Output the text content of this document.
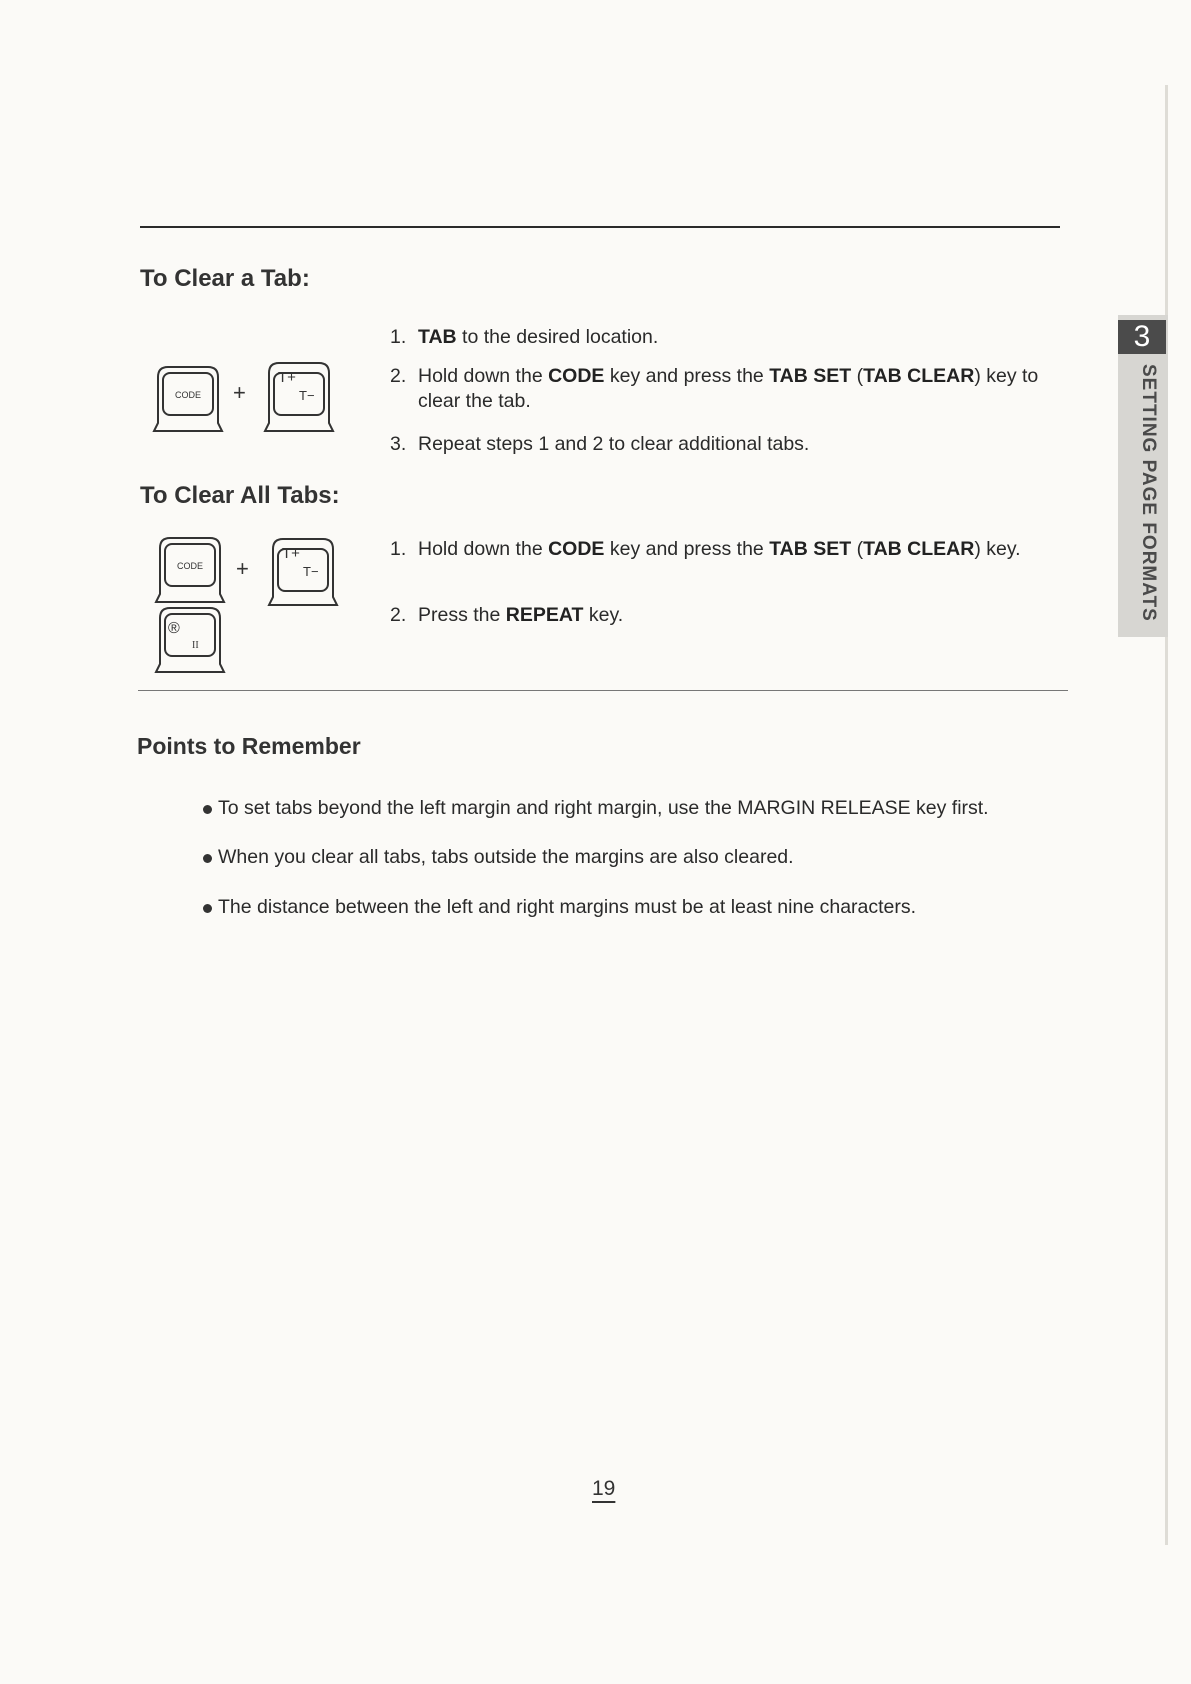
To Clear a Tab:
CODE +
T+
T−
1. TAB to the desired location.
2. Hold down the CODE key and press the TAB SET (TAB CLEAR) key to clear the tab.
3. Repeat steps 1 and 2 to clear additional tabs.
To Clear All Tabs:
CODE +
T+
T−
®
II
1. Hold down the CODE key and press the TAB SET (TAB CLEAR) key.
2. Press the REPEAT key.
Points to Remember
To set tabs beyond the left margin and right margin, use the MARGIN RELEASE key first.
When you clear all tabs, tabs outside the margins are also cleared.
The distance between the left and right margins must be at least nine characters.
3
SETTING PAGE FORMATS
19
